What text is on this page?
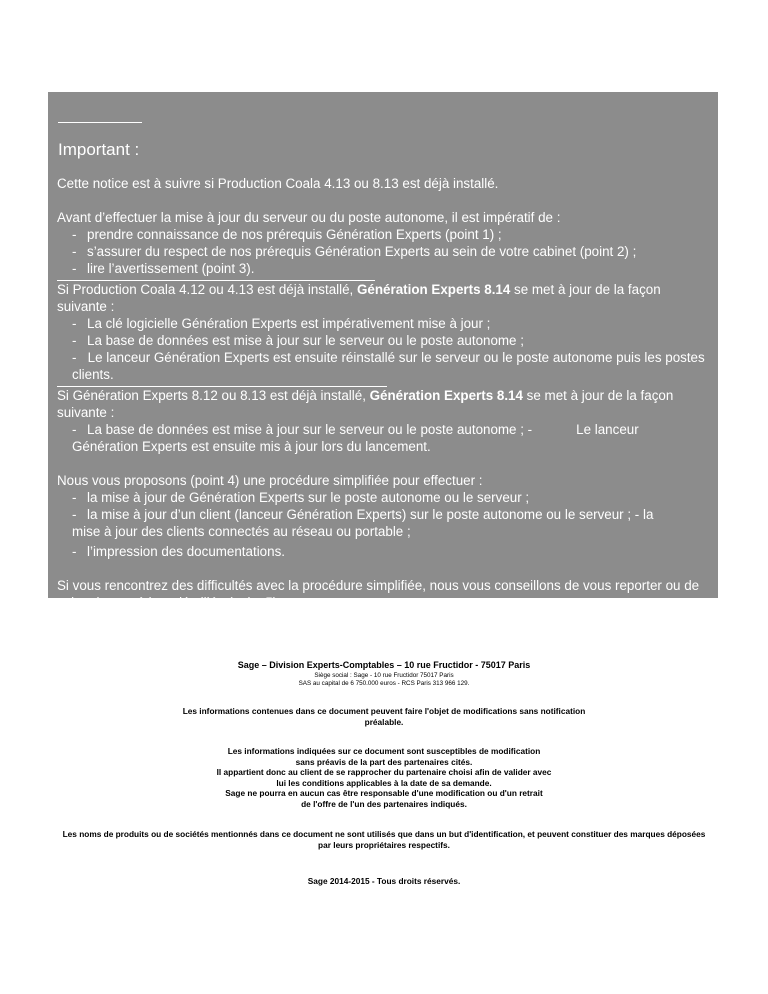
Important :

Cette notice est à suivre si Production Coala 4.13 ou 8.13 est déjà installé.

Avant d’effectuer la mise à jour du serveur ou du poste autonome, il est impératif de :

- prendre connaissance de nos prérequis Génération Experts (point 1) ;
- s’assurer du respect de nos prérequis Génération Experts au sein de votre cabinet (point 2) ;
- lire l’avertissement (point 3).

Si Production Coala 4.12 ou 4.13 est déjà installé, Génération Experts 8.14 se met à jour de la façon suivante :

- La clé logicielle Génération Experts est impérativement mise à jour ;
- La base de données est mise à jour sur le serveur ou le poste autonome ;
- Le lanceur Génération Experts est ensuite réinstallé sur le serveur ou le poste autonome puis les postes clients.

Si Génération Experts 8.12 ou 8.13 est déjà installé, Génération Experts 8.14 se met à jour de la façon suivante :

- La base de données est mise à jour sur le serveur ou le poste autonome ; -	Le lanceur

Génération Experts est ensuite mis à jour lors du lancement.

Nous vous proposons (point 4) une procédure simplifiée pour effectuer :

- la mise à jour de Génération Experts sur le poste autonome ou le serveur ;
- la mise à jour d’un client (lanceur Génération Experts) sur le poste autonome ou le serveur ; - la

mise à jour des clients connectés au réseau ou portable ;

- l’impression des documentations.

Si vous rencontrez des difficultés avec la procédure simplifiée, nous vous conseillons de vous reporter ou de suivre la procédure détaillée (point 5).

Sage – Division Experts-Comptables – 10 rue Fructidor - 75017 Paris
Siège social : Sage - 10 rue Fructidor 75017 Paris
SAS au capital de 6 750.000 euros - RCS Paris 313 966 129.
Les informations contenues dans ce document peuvent faire l'objet de modifications sans notification préalable.
Les informations indiquées sur ce document sont susceptibles de modification
sans préavis de la part des partenaires cités.
Il appartient donc au client de se rapprocher du partenaire choisi afin de valider avec
lui les conditions applicables à la date de sa demande.
Sage ne pourra en aucun cas être responsable d'une modification ou d'un retrait
de l'offre de l'un des partenaires indiqués.
Les noms de produits ou de sociétés mentionnés dans ce document ne sont utilisés que dans un but d'identification, et peuvent constituer des marques déposées par leurs propriétaires respectifs.
Sage 2014-2015 - Tous droits réservés.
